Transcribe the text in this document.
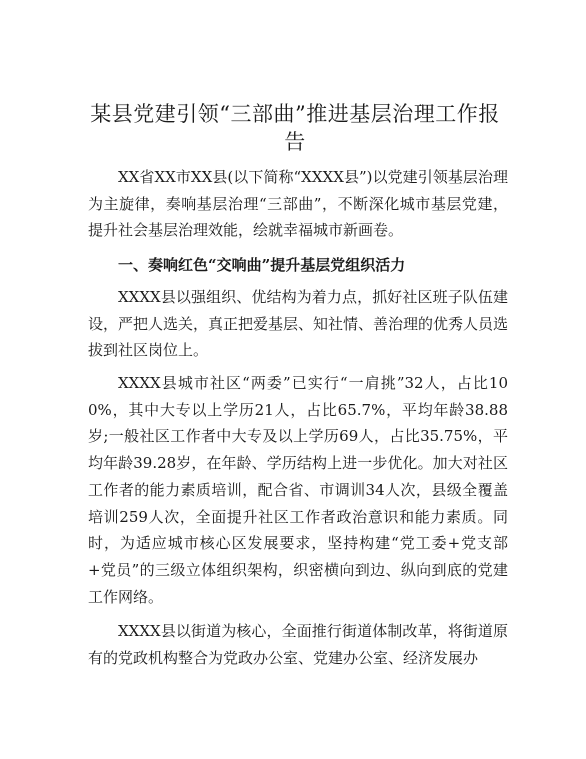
某县党建引领“三部曲”推进基层治理工作报告

XX省XX市XX县(以下简称“XXXX县”)以党建引领基层治理为主旋律，奏响基层治理“三部曲”，不断深化城市基层党建，提升社会基层治理效能，绘就幸福城市新画卷。

一、奏响红色“交响曲”提升基层党组织活力

XXXX县以强组织、优结构为着力点，抓好社区班子队伍建设，严把人选关，真正把爱基层、知社情、善治理的优秀人员选拔到社区岗位上。

XXXX县城市社区“两委”已实行“一肩挑”32人，占比100%，其中大专以上学历21人，占比65.7%，平均年龄38.88岁;一般社区工作者中大专及以上学历69人，占比35.75%，平均年龄39.28岁，在年龄、学历结构上进一步优化。加大对社区工作者的能力素质培训，配合省、市调训34人次，县级全覆盖培训259人次，全面提升社区工作者政治意识和能力素质。同时，为适应城市核心区发展要求，坚持构建“党工委+党支部+党员”的三级立体组织架构，织密横向到边、纵向到底的党建工作网络。

XXXX县以街道为核心，全面推行街道体制改革，将街道原有的党政机构整合为党政办公室、党建办公室、经济发展办
